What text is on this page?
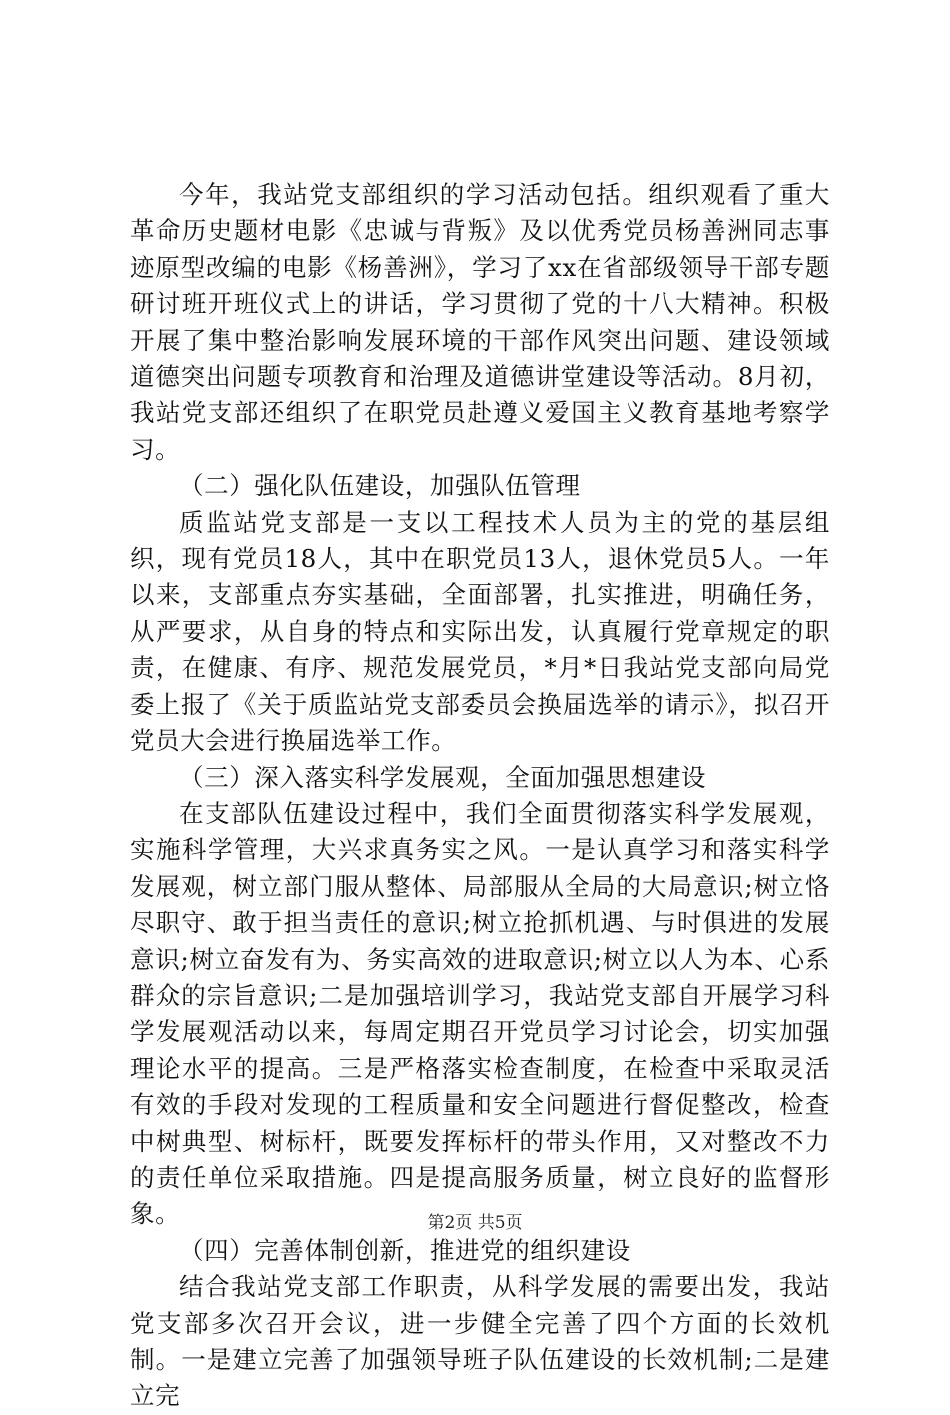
今年，我站党支部组织的学习活动包括。组织观看了重大革命历史题材电影《忠诚与背叛》及以优秀党员杨善洲同志事迹原型改编的电影《杨善洲》，学习了xx在省部级领导干部专题研讨班开班仪式上的讲话，学习贯彻了党的十八大精神。积极开展了集中整治影响发展环境的干部作风突出问题、建设领域道德突出问题专项教育和治理及道德讲堂建设等活动。8月初，我站党支部还组织了在职党员赴遵义爱国主义教育基地考察学习。

（二）强化队伍建设，加强队伍管理

质监站党支部是一支以工程技术人员为主的党的基层组织，现有党员18人，其中在职党员13人，退休党员5人。一年以来，支部重点夯实基础，全面部署，扎实推进，明确任务，从严要求，从自身的特点和实际出发，认真履行党章规定的职责，在健康、有序、规范发展党员，*月*日我站党支部向局党委上报了《关于质监站党支部委员会换届选举的请示》，拟召开党员大会进行换届选举工作。

（三）深入落实科学发展观，全面加强思想建设

在支部队伍建设过程中，我们全面贯彻落实科学发展观，实施科学管理，大兴求真务实之风。一是认真学习和落实科学发展观，树立部门服从整体、局部服从全局的大局意识;树立恪尽职守、敢于担当责任的意识;树立抢抓机遇、与时俱进的发展意识;树立奋发有为、务实高效的进取意识;树立以人为本、心系群众的宗旨意识;二是加强培训学习，我站党支部自开展学习科学发展观活动以来，每周定期召开党员学习讨论会，切实加强理论水平的提高。三是严格落实检查制度，在检查中采取灵活有效的手段对发现的工程质量和安全问题进行督促整改，检查中树典型、树标杆，既要发挥标杆的带头作用，又对整改不力的责任单位采取措施。四是提高服务质量，树立良好的监督形象。

（四）完善体制创新，推进党的组织建设

结合我站党支部工作职责，从科学发展的需要出发，我站党支部多次召开会议，进一步健全完善了四个方面的长效机制。一是建立完善了加强领导班子队伍建设的长效机制;二是建立完

第2页 共5页
